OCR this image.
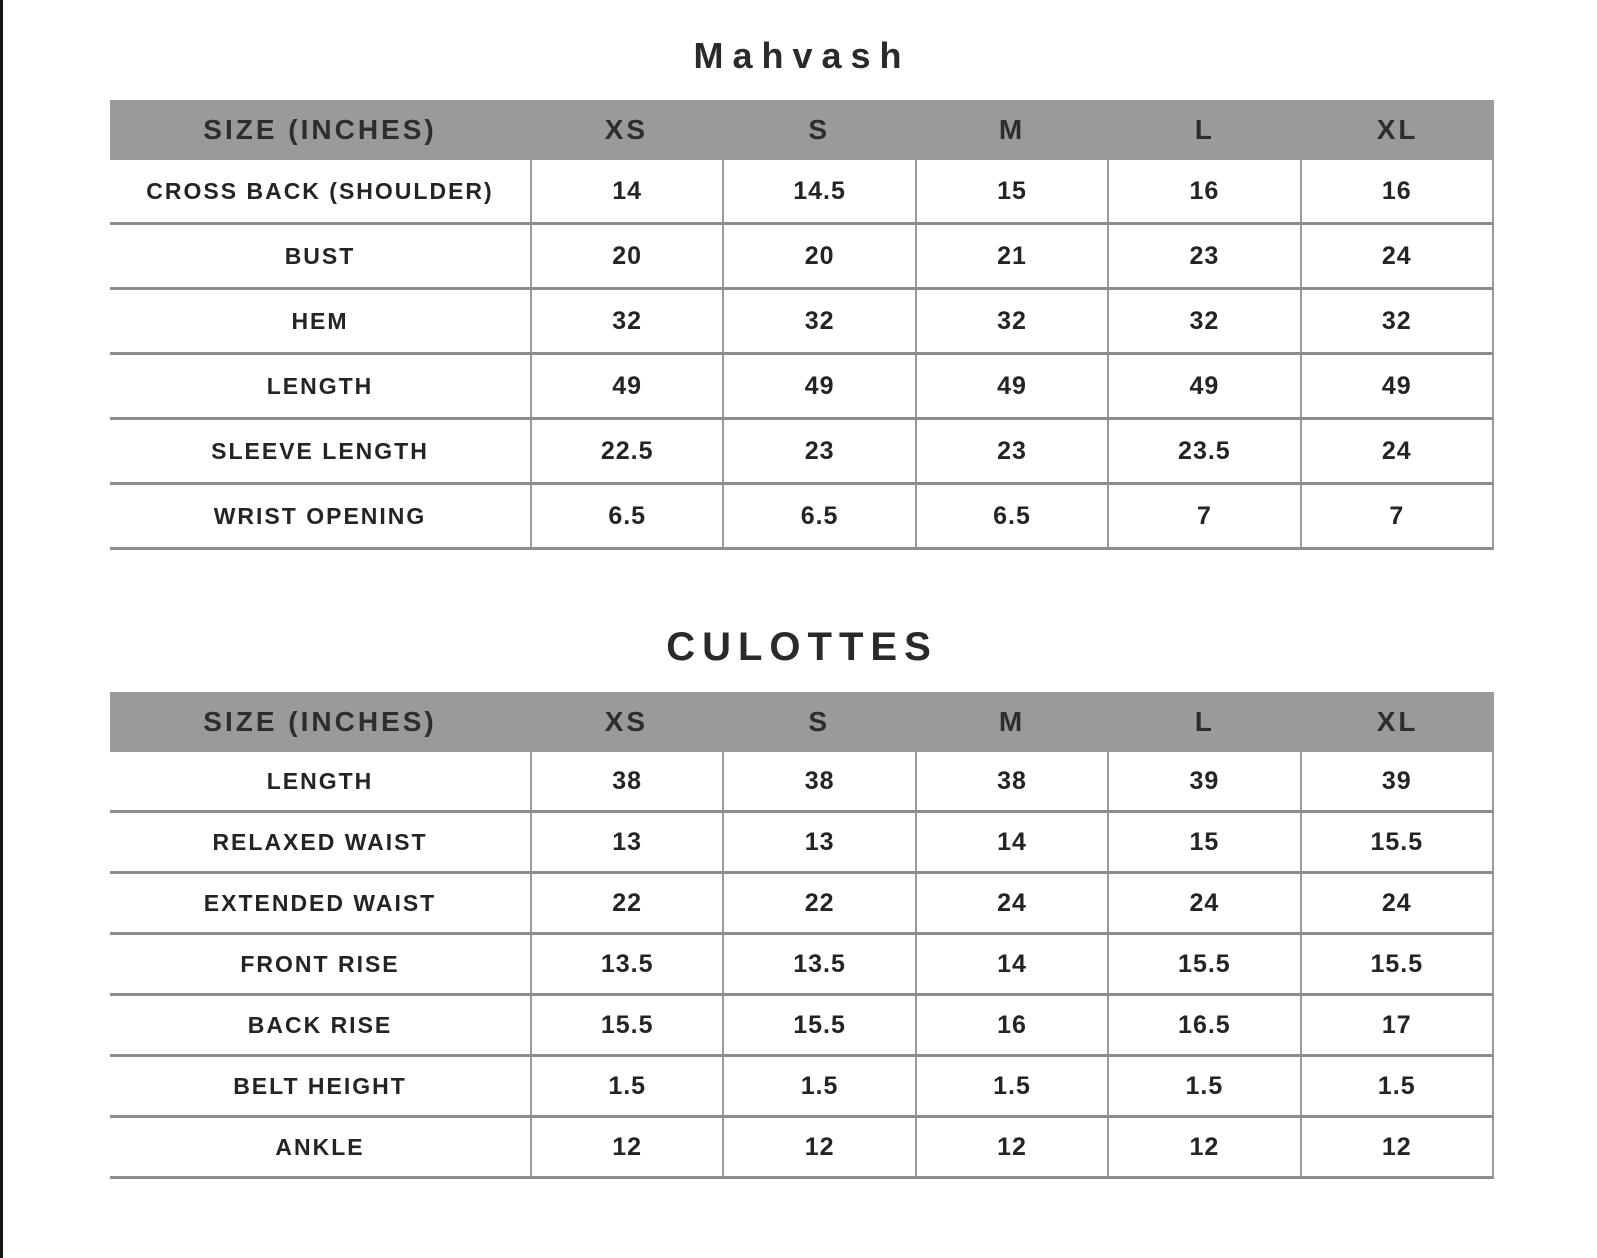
Mahvash
SIZE (INCHES)	XS	S	M	L	XL
CROSS BACK (SHOULDER)	14	14.5	15	16	16
BUST	20	20	21	23	24
HEM	32	32	32	32	32
LENGTH	49	49	49	49	49
SLEEVE LENGTH	22.5	23	23	23.5	24
WRIST OPENING	6.5	6.5	6.5	7	7
CULOTTES
SIZE (INCHES)	XS	S	M	L	XL
LENGTH	38	38	38	39	39
RELAXED WAIST	13	13	14	15	15.5
EXTENDED WAIST	22	22	24	24	24
FRONT RISE	13.5	13.5	14	15.5	15.5
BACK RISE	15.5	15.5	16	16.5	17
BELT HEIGHT	1.5	1.5	1.5	1.5	1.5
ANKLE	12	12	12	12	12
